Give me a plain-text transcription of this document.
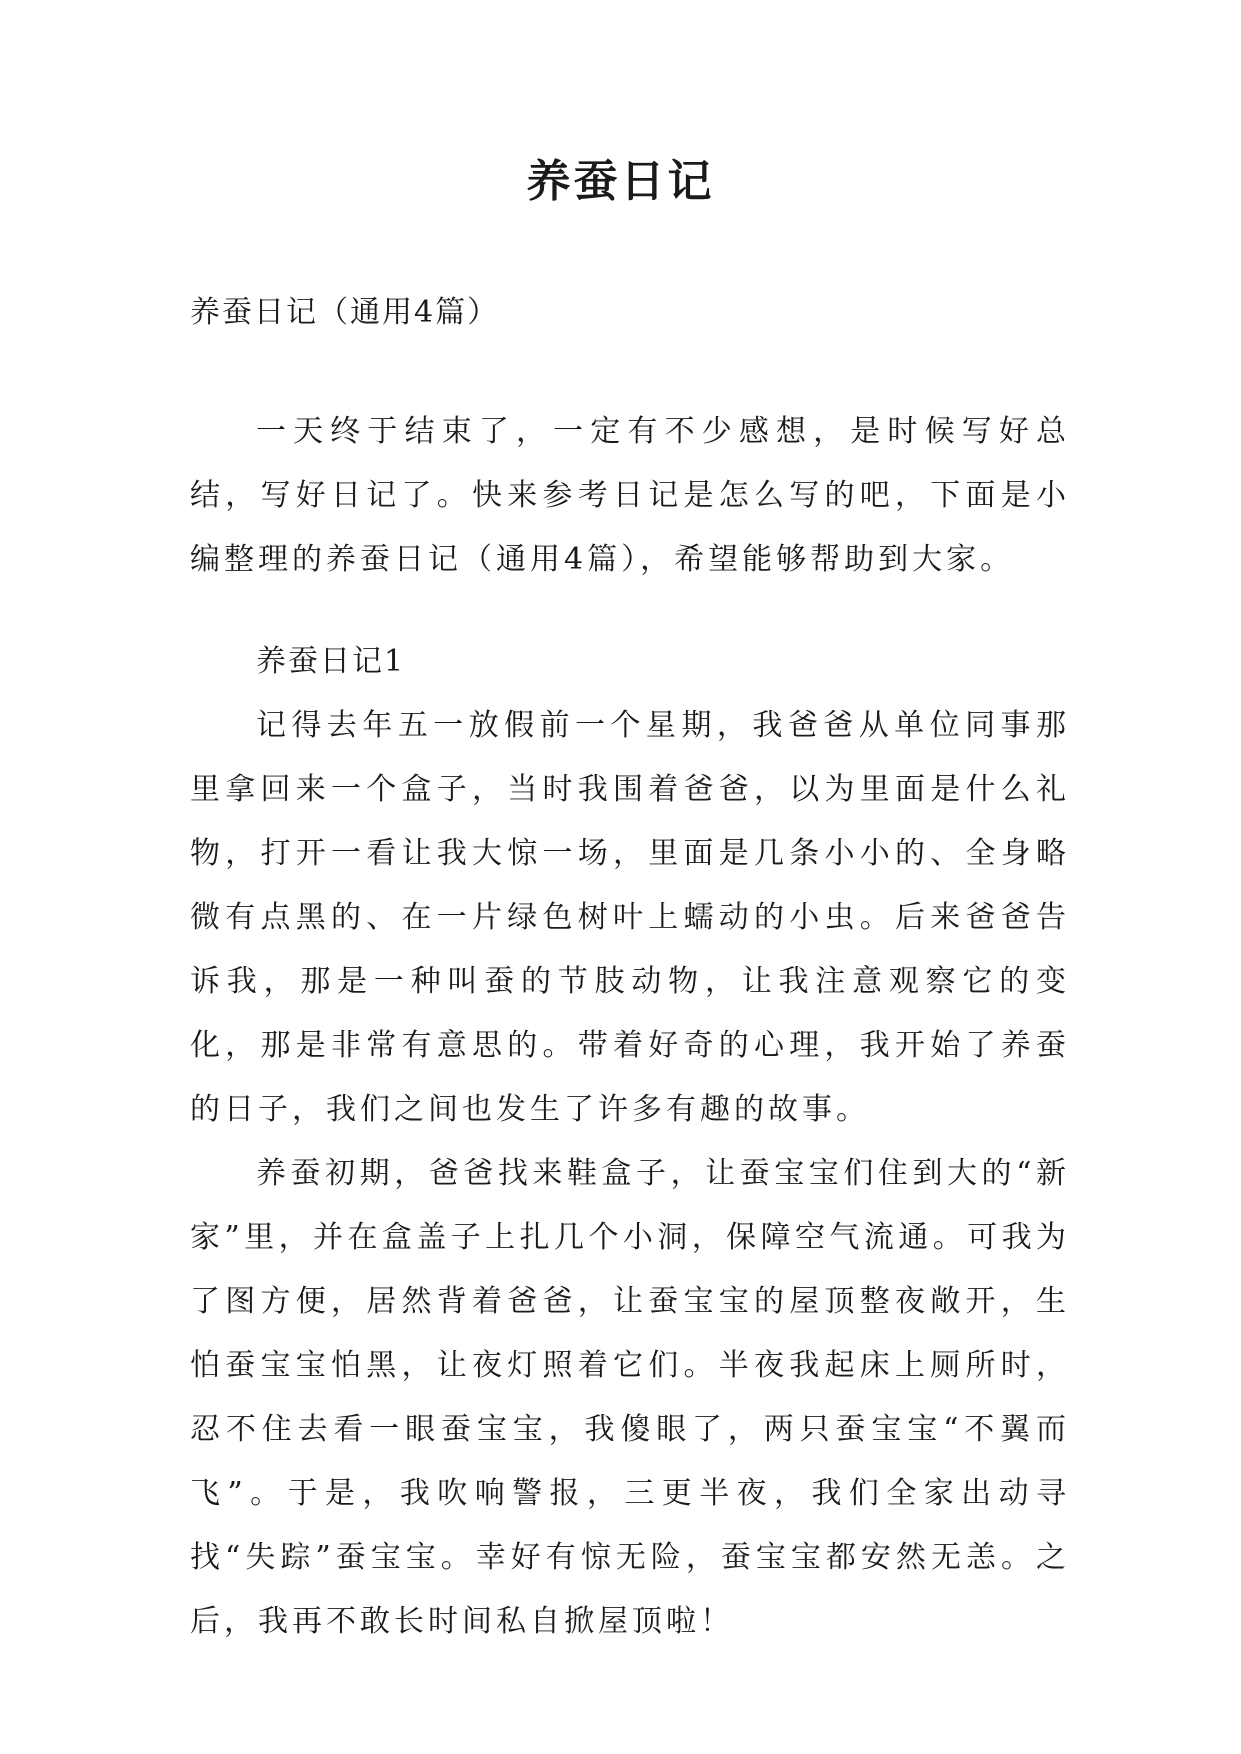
养蚕日记
养蚕日记（通用4篇）

一天终于结束了，一定有不少感想，是时候写好总结，写好日记了。快来参考日记是怎么写的吧，下面是小编整理的养蚕日记（通用4篇），希望能够帮助到大家。

养蚕日记1

记得去年五一放假前一个星期，我爸爸从单位同事那里拿回来一个盒子，当时我围着爸爸，以为里面是什么礼物，打开一看让我大惊一场，里面是几条小小的、全身略微有点黑的、在一片绿色树叶上蠕动的小虫。后来爸爸告诉我，那是一种叫蚕的节肢动物，让我注意观察它的变化，那是非常有意思的。带着好奇的心理，我开始了养蚕的日子，我们之间也发生了许多有趣的故事。

养蚕初期，爸爸找来鞋盒子，让蚕宝宝们住到大的“新家”里，并在盒盖子上扎几个小洞，保障空气流通。可我为了图方便，居然背着爸爸，让蚕宝宝的屋顶整夜敞开，生怕蚕宝宝怕黑，让夜灯照着它们。半夜我起床上厕所时，忍不住去看一眼蚕宝宝，我傻眼了，两只蚕宝宝“不翼而飞”。于是，我吹响警报，三更半夜，我们全家出动寻找“失踪”蚕宝宝。幸好有惊无险，蚕宝宝都安然无恙。之后，我再不敢长时间私自掀屋顶啦！
